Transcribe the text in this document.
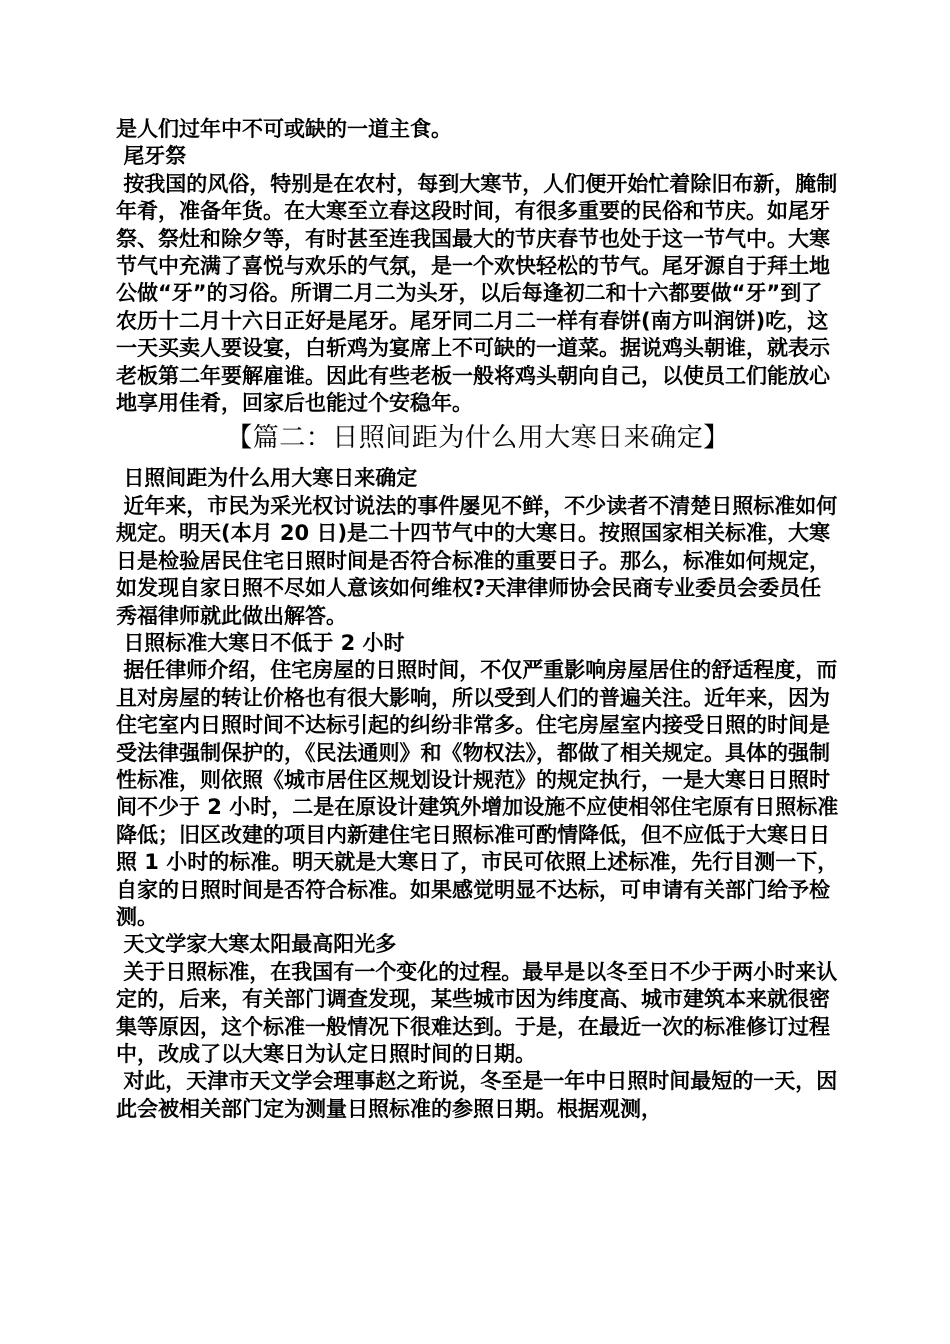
是人们过年中不可或缺的一道主食。

尾牙祭

按我国的风俗，特别是在农村，每到大寒节，人们便开始忙着除旧布新，腌制年肴，准备年货。在大寒至立春这段时间，有很多重要的民俗和节庆。如尾牙祭、祭灶和除夕等，有时甚至连我国最大的节庆春节也处于这一节气中。大寒节气中充满了喜悦与欢乐的气氛，是一个欢快轻松的节气。尾牙源自于拜土地公做“牙”的习俗。所谓二月二为头牙，以后每逢初二和十六都要做“牙”到了农历十二月十六日正好是尾牙。尾牙同二月二一样有春饼(南方叫润饼)吃，这一天买卖人要设宴，白斩鸡为宴席上不可缺的一道菜。据说鸡头朝谁，就表示老板第二年要解雇谁。因此有些老板一般将鸡头朝向自己，以使员工们能放心地享用佳肴，回家后也能过个安稳年。

【篇二：日照间距为什么用大寒日来确定】

日照间距为什么用大寒日来确定

近年来，市民为采光权讨说法的事件屡见不鲜，不少读者不清楚日照标准如何规定。明天(本月 20 日)是二十四节气中的大寒日。按照国家相关标准，大寒日是检验居民住宅日照时间是否符合标准的重要日子。那么，标准如何规定，如发现自家日照不尽如人意该如何维权?天津律师协会民商专业委员会委员任秀福律师就此做出解答。

日照标准大寒日不低于 2 小时

据任律师介绍，住宅房屋的日照时间，不仅严重影响房屋居住的舒适程度，而且对房屋的转让价格也有很大影响，所以受到人们的普遍关注。近年来，因为住宅室内日照时间不达标引起的纠纷非常多。住宅房屋室内接受日照的时间是受法律强制保护的，《民法通则》和《物权法》，都做了相关规定。具体的强制性标准，则依照《城市居住区规划设计规范》的规定执行，一是大寒日日照时间不少于 2 小时，二是在原设计建筑外增加设施不应使相邻住宅原有日照标准降低；旧区改建的项目内新建住宅日照标准可酌情降低，但不应低于大寒日日照 1 小时的标准。明天就是大寒日了，市民可依照上述标准，先行目测一下，自家的日照时间是否符合标准。如果感觉明显不达标，可申请有关部门给予检测。

天文学家大寒太阳最高阳光多

关于日照标准，在我国有一个变化的过程。最早是以冬至日不少于两小时来认定的，后来，有关部门调查发现，某些城市因为纬度高、城市建筑本来就很密集等原因，这个标准一般情况下很难达到。于是，在最近一次的标准修订过程中，改成了以大寒日为认定日照时间的日期。

对此，天津市天文学会理事赵之珩说，冬至是一年中日照时间最短的一天，因此会被相关部门定为测量日照标准的参照日期。根据观测，
